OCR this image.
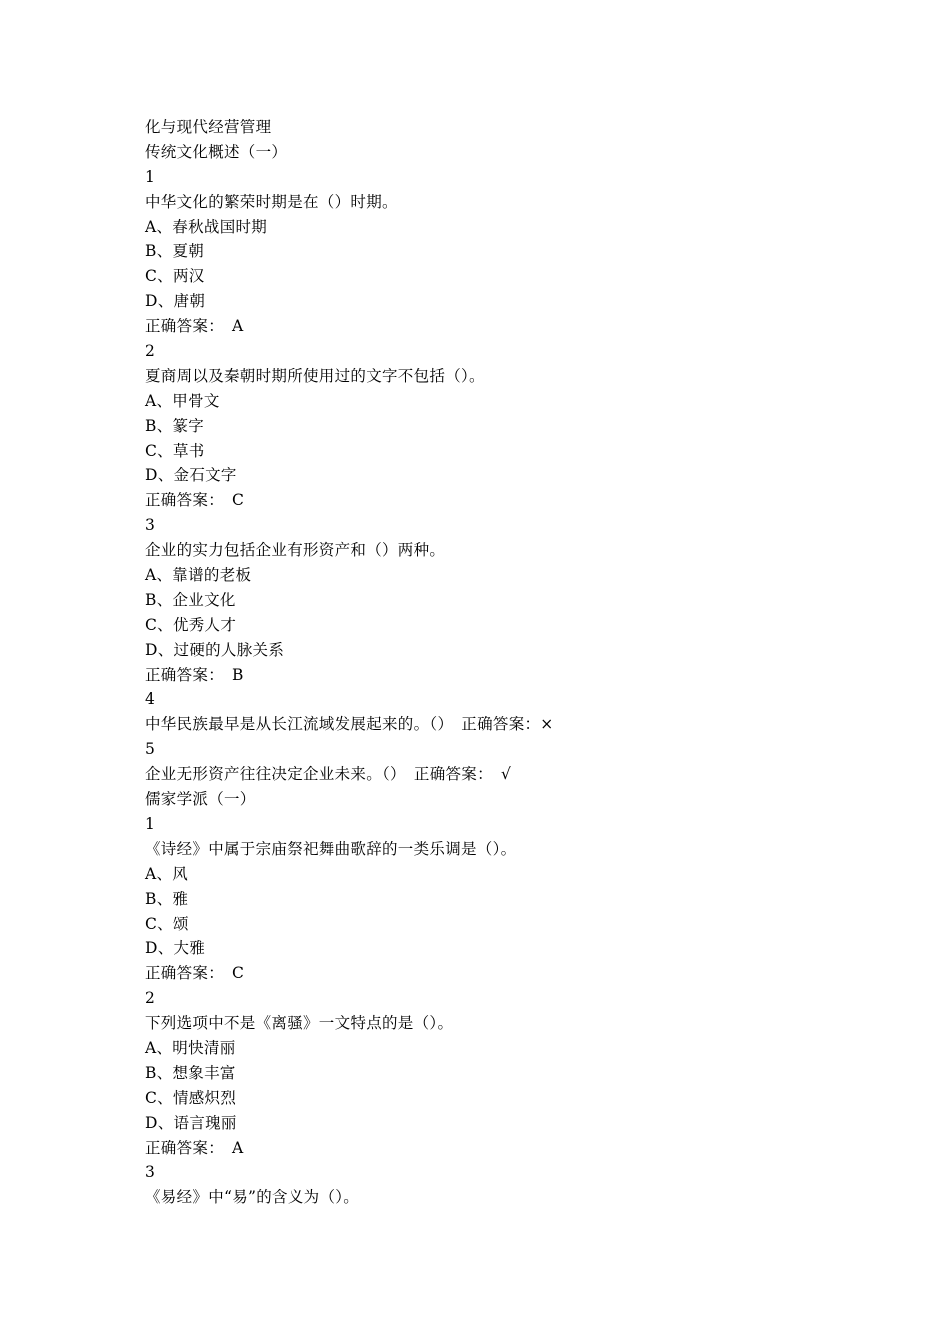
化与现代经营管理
传统文化概述（一）
1
中华文化的繁荣时期是在（）时期。
A、春秋战国时期
B、夏朝
C、两汉
D、唐朝
正确答案：　A
2
夏商周以及秦朝时期所使用过的文字不包括（）。
A、甲骨文
B、篆字
C、草书
D、金石文字
正确答案：　C
3
企业的实力包括企业有形资产和（）两种。
A、靠谱的老板
B、企业文化
C、优秀人才
D、过硬的人脉关系
正确答案：　B
4
中华民族最早是从长江流域发展起来的。（）　正确答案：×
5
企业无形资产往往决定企业未来。（）　正确答案：　√
儒家学派（一）
1
《诗经》中属于宗庙祭祀舞曲歌辞的一类乐调是（）。
A、风
B、雅
C、颂
D、大雅
正确答案：　C
2
下列选项中不是《离骚》一文特点的是（）。
A、明快清丽
B、想象丰富
C、情感炽烈
D、语言瑰丽
正确答案：　A
3
《易经》中“易”的含义为（）。
